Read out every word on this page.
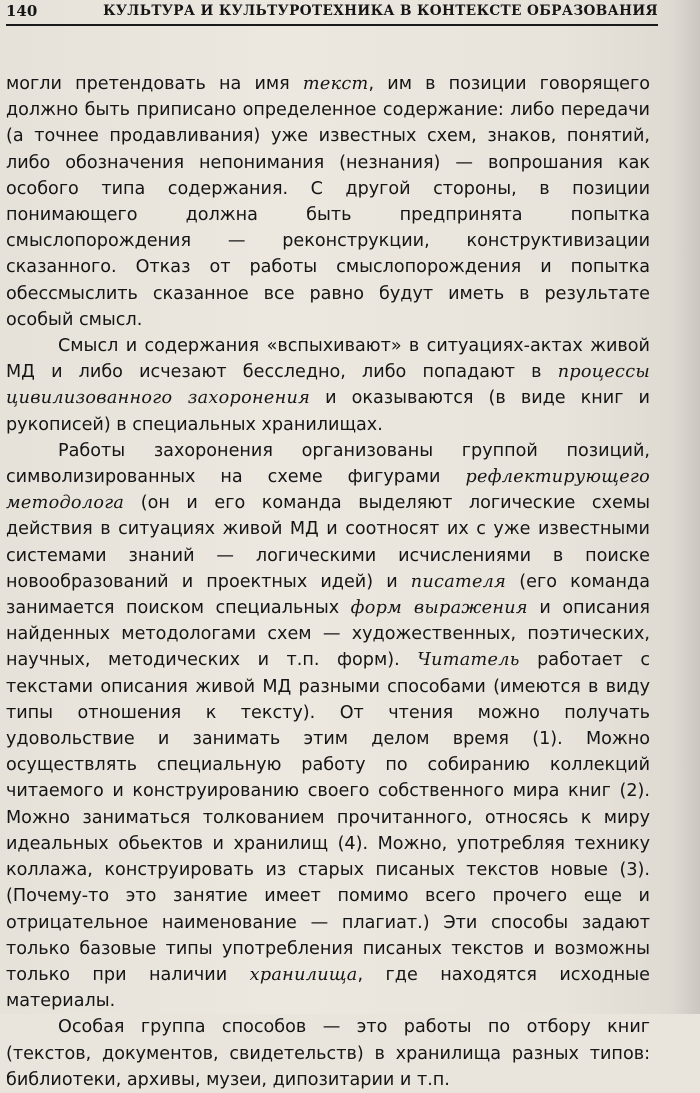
140	КУЛЬТУРА И КУЛЬТУРОТЕХНИКА В КОНТЕКСТЕ ОБРАЗОВАНИЯ

могли претендовать на имя текст, им в позиции говорящего должно быть приписано определенное содержание: либо передачи (а точнее продавливания) уже известных схем, знаков, понятий, либо обозначения непонимания (незнания) — вопрошания как особого типа содержания. С другой стороны, в позиции понимающего должна быть предпринята попытка смыслопорождения — реконструкции, конструктивизации сказанного. Отказ от работы смыслопорождения и попытка обессмыслить сказанное все равно будут иметь в результате особый смысл.

Смысл и содержания «вспыхивают» в ситуациях-актах живой МД и либо исчезают бесследно, либо попадают в процессы цивилизованного захоронения и оказываются (в виде книг и рукописей) в специальных хранилищах.

Работы захоронения организованы группой позиций, символизированных на схеме фигурами рефлектирующего методолога (он и его команда выделяют логические схемы действия в ситуациях живой МД и соотносят их с уже известными системами знаний — логическими исчислениями в поиске новообразований и проектных идей) и писателя (его команда занимается поиском специальных форм выражения и описания найденных методологами схем — художественных, поэтических, научных, методических и т.п. форм). Читатель работает с текстами описания живой МД разными способами (имеются в виду типы отношения к тексту). От чтения можно получать удовольствие и занимать этим делом время (1). Можно осуществлять специальную работу по собиранию коллекций читаемого и конструированию своего собственного мира книг (2). Можно заниматься толкованием прочитанного, относясь к миру идеальных обьектов и хранилищ (4). Можно, употребляя технику коллажа, конструировать из старых писаных текстов новые (3). (Почему-то это занятие имеет помимо всего прочего еще и отрицательное наименование — плагиат.) Эти способы задают только базовые типы употребления писаных текстов и возможны только при наличии хранилища, где находятся исходные материалы.

Особая группа способов — это работы по отбору книг (текстов, документов, свидетельств) в хранилища разных типов: библиотеки, архивы, музеи, дипозитарии и т.п.
